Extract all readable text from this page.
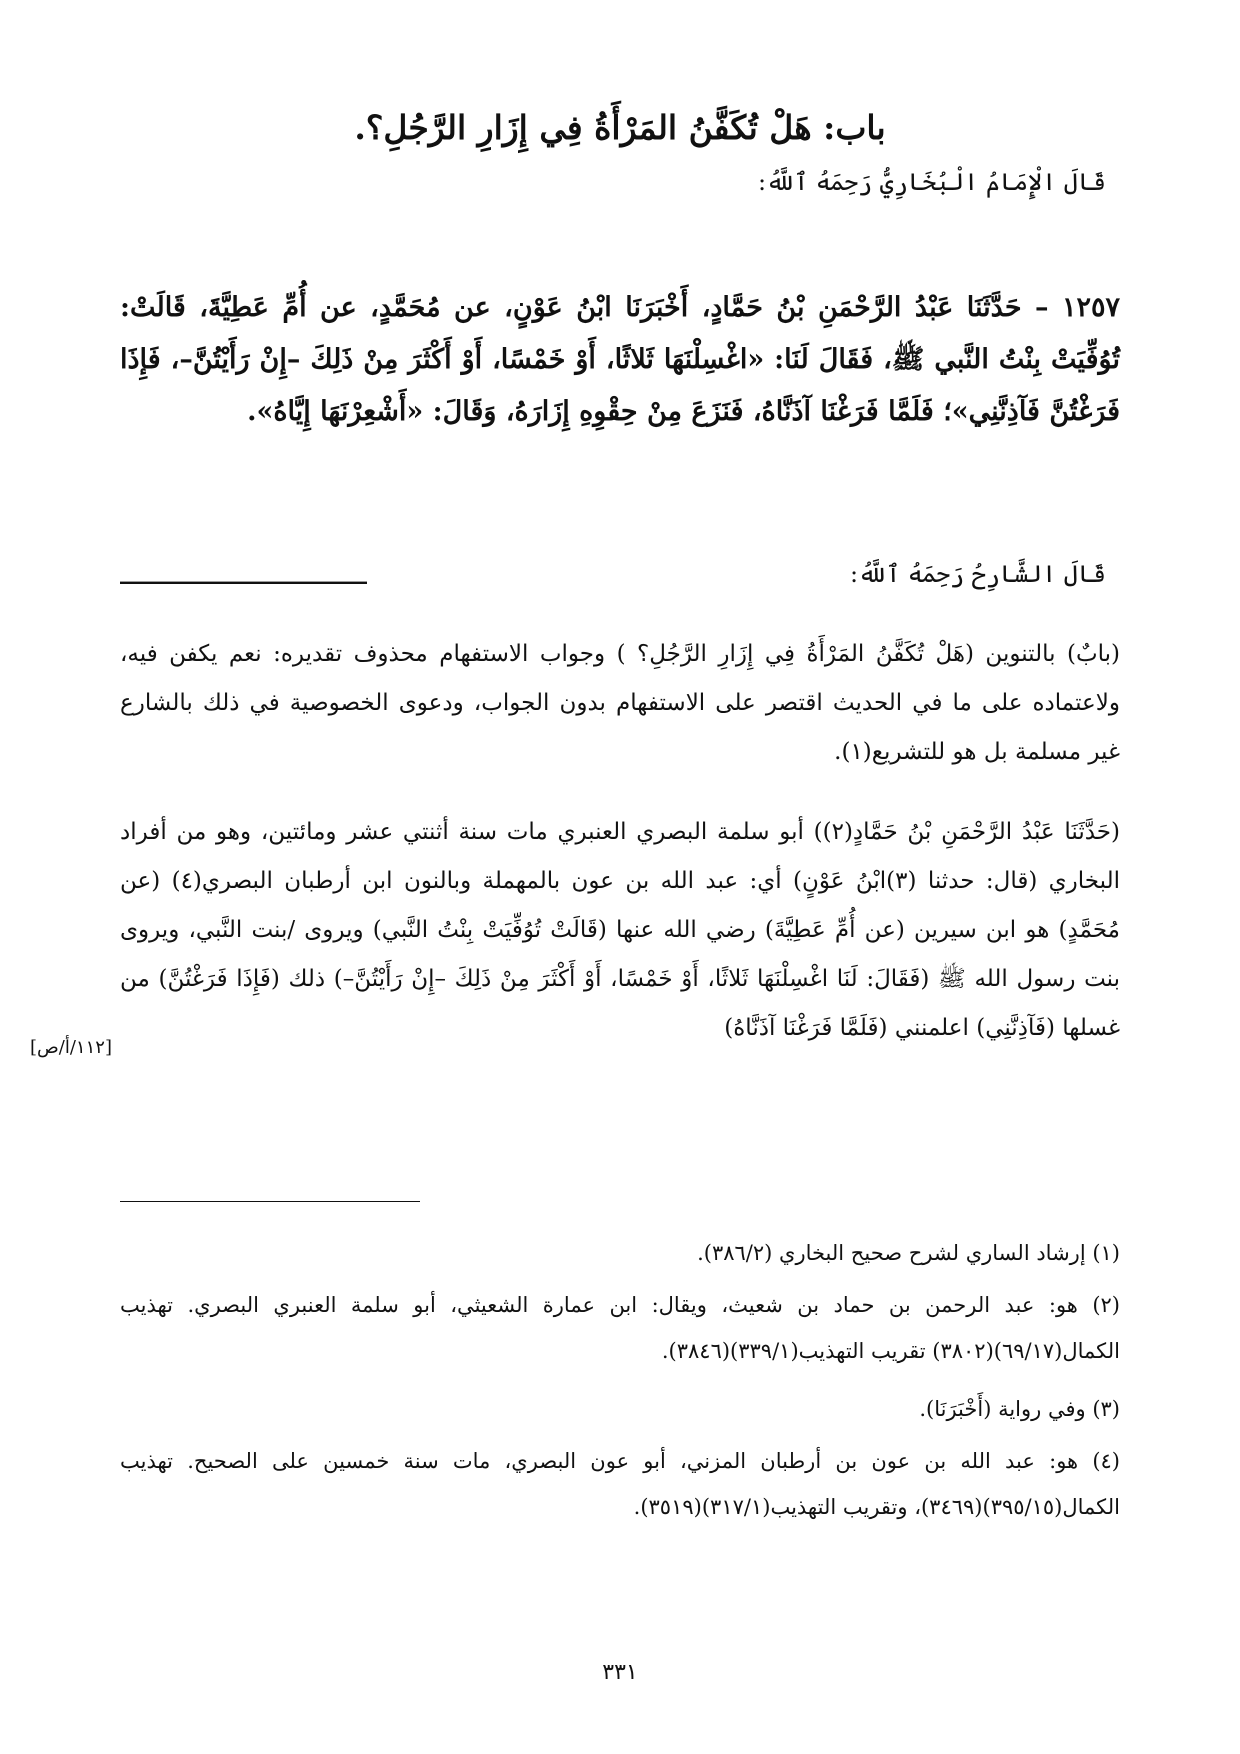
باب: هَلْ تُكَفَّنُ المَرْأَةُ فِي إِزَارِ الرَّجُلِ؟.

قَالَ الْإِمَامُ الْبُخَارِيُّ رَحِمَهُ ٱللَّهُ:

١٢٥٧ – حَدَّثَنَا عَبْدُ الرَّحْمَنِ بْنُ حَمَّادٍ، أَخْبَرَنَا ابْنُ عَوْنٍ، عن مُحَمَّدٍ، عن أُمِّ عَطِيَّةَ، قَالَتْ: تُوُفِّيَتْ بِنْتُ النَّبي ﷺ، فَقَالَ لَنَا: «اغْسِلْنَهَا ثَلاثًا، أَوْ خَمْسًا، أَوْ أَكْثَرَ مِنْ ذَلِكَ –إِنْ رَأَيْتُنَّ–، فَإِذَا فَرَغْتُنَّ فَآذِنَّنِي»؛ فَلَمَّا فَرَغْنَا آذَنَّاهُ، فَنَزَعَ مِنْ حِقْوِهِ إِزَارَهُ، وَقَالَ: «أَشْعِرْنَهَا إِيَّاهُ».

___________________	قَالَ الشَّارِحُ رَحِمَهُ ٱللَّهُ:

(بابٌ) بالتنوين (هَلْ تُكَفَّنُ المَرْأَةُ فِي إِزَارِ الرَّجُلِ؟ ) وجواب الاستفهام محذوف تقديره: نعم يكفن فيه، ولاعتماده على ما في الحديث اقتصر على الاستفهام بدون الجواب، ودعوى الخصوصية في ذلك بالشارع غير مسلمة بل هو للتشريع(١).

(حَدَّثَنَا عَبْدُ الرَّحْمَنِ بْنُ حَمَّادٍ(٢)) أبو سلمة البصري العنبري مات سنة أثنتي عشر ومائتين، وهو من أفراد البخاري (قال: حدثنا (٣)ابْنُ عَوْنٍ) أي: عبد الله بن عون بالمهملة وبالنون ابن أرطبان البصري(٤) (عن مُحَمَّدٍ) هو ابن سيرين (عن أُمِّ عَطِيَّةَ) رضي الله عنها (قَالَتْ تُوُفِّيَتْ بِنْتُ النَّبي) ويروى /بنت النَّبي، ويروى بنت رسول الله ﷺ (فَقَالَ: لَنَا اغْسِلْنَهَا ثَلاثًا، أَوْ خَمْسًا، أَوْ أَكْثَرَ مِنْ ذَلِكَ –إِنْ رَأَيْتُنَّ–) ذلك (فَإِذَا فَرَغْتُنَّ) من غسلها (فَآذِنَّنِي) اعلمنني (فَلَمَّا فَرَغْنَا آذَنَّاهُ)

[١١٢/أ/ص]

(١) إرشاد الساري لشرح صحيح البخاري (٣٨٦/٢).
(٢) هو: عبد الرحمن بن حماد بن شعيث، ويقال: ابن عمارة الشعيثي، أبو سلمة العنبري البصري. تهذيب الكمال(٦٩/١٧)(٣٨٠٢) تقريب التهذيب(٣٣٩/١)(٣٨٤٦).
(٣) وفي رواية (أَخْبَرَنَا).
(٤) هو: عبد الله بن عون بن أرطبان المزني، أبو عون البصري، مات سنة خمسين على الصحيح. تهذيب الكمال(٣٩٥/١٥)(٣٤٦٩)، وتقريب التهذيب(٣١٧/١)(٣٥١٩).

٣٣١
